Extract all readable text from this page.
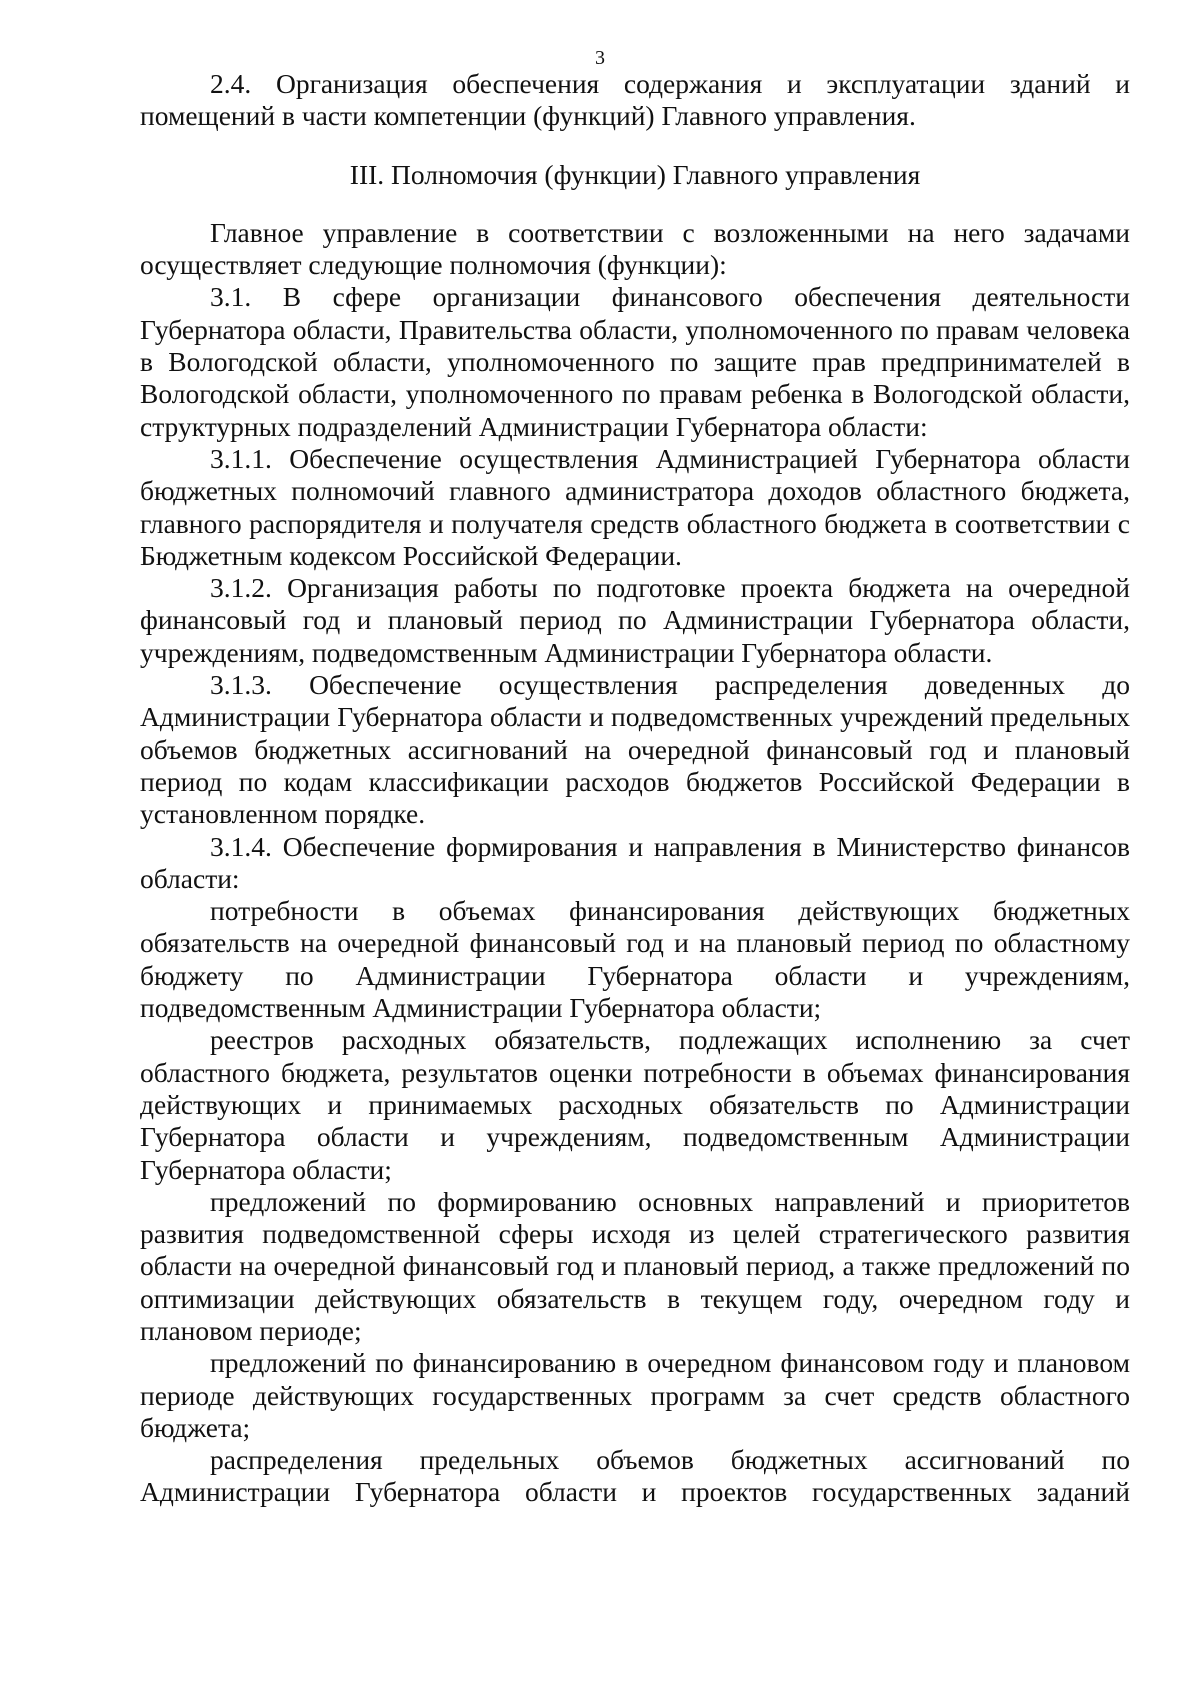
3

2.4. Организация обеспечения содержания и эксплуатации зданий и помещений в части компетенции (функций) Главного управления.

III. Полномочия (функции) Главного управления

Главное управление в соответствии с возложенными на него задачами осуществляет следующие полномочия (функции):

3.1. В сфере организации финансового обеспечения деятельности Губернатора области, Правительства области, уполномоченного по правам человека в Вологодской области, уполномоченного по защите прав предпринимателей в Вологодской области, уполномоченного по правам ребенка в Вологодской области, структурных подразделений Администрации Губернатора области:

3.1.1. Обеспечение осуществления Администрацией Губернатора области бюджетных полномочий главного администратора доходов областного бюджета, главного распорядителя и получателя средств областного бюджета в соответствии с Бюджетным кодексом Российской Федерации.

3.1.2. Организация работы по подготовке проекта бюджета на очередной финансовый год и плановый период по Администрации Губернатора области, учреждениям, подведомственным Администрации Губернатора области.

3.1.3. Обеспечение осуществления распределения доведенных до Администрации Губернатора области и подведомственных учреждений предельных объемов бюджетных ассигнований на очередной финансовый год и плановый период по кодам классификации расходов бюджетов Российской Федерации в установленном порядке.

3.1.4. Обеспечение формирования и направления в Министерство финансов области:

потребности в объемах финансирования действующих бюджетных обязательств на очередной финансовый год и на плановый период по областному бюджету по Администрации Губернатора области и учреждениям, подведомственным Администрации Губернатора области;

реестров расходных обязательств, подлежащих исполнению за счет областного бюджета, результатов оценки потребности в объемах финансирования действующих и принимаемых расходных обязательств по Администрации Губернатора области и учреждениям, подведомственным Администрации Губернатора области;

предложений по формированию основных направлений и приоритетов развития подведомственной сферы исходя из целей стратегического развития области на очередной финансовый год и плановый период, а также предложений по оптимизации действующих обязательств в текущем году, очередном году и плановом периоде;

предложений по финансированию в очередном финансовом году и плановом периоде действующих государственных программ за счет средств областного бюджета;

распределения предельных объемов бюджетных ассигнований по Администрации Губернатора области и проектов государственных заданий
